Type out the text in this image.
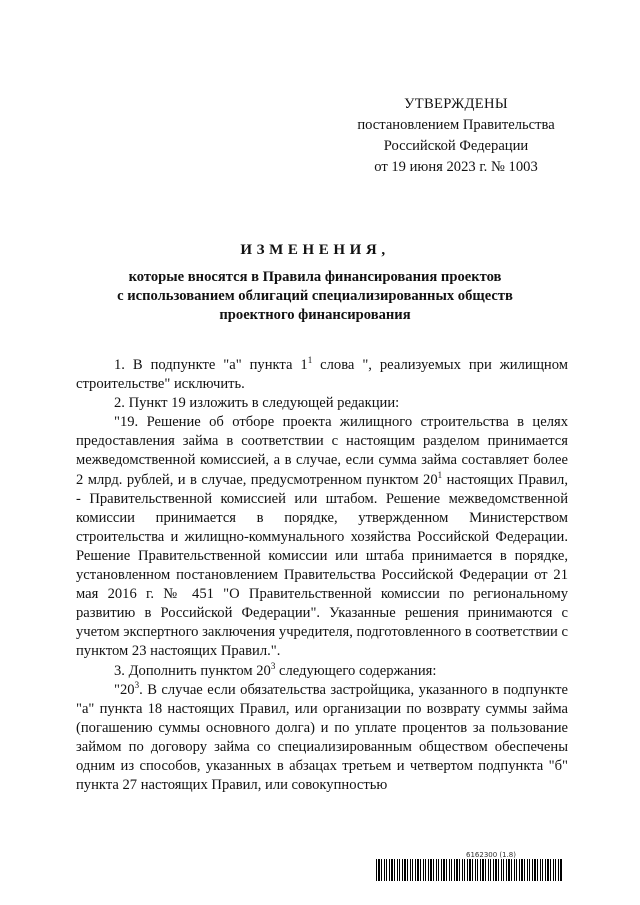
УТВЕРЖДЕНЫ
постановлением Правительства
Российской Федерации
от 19 июня 2023 г. № 1003
ИЗМЕНЕНИЯ,
которые вносятся в Правила финансирования проектов
с использованием облигаций специализированных обществ
проектного финансирования

1. В подпункте "а" пункта $1^1$ слова ", реализуемых при жилищном строительстве" исключить.

2. Пункт 19 изложить в следующей редакции:

"19. Решение об отборе проекта жилищного строительства в целях предоставления займа в соответствии с настоящим разделом принимается межведомственной комиссией, а в случае, если сумма займа составляет более 2 млрд. рублей, и в случае, предусмотренном пунктом $20^1$ настоящих Правил, - Правительственной комиссией или штабом. Решение межведомственной комиссии принимается в порядке, утвержденном Министерством строительства и жилищно-коммунального хозяйства Российской Федерации. Решение Правительственной комиссии или штаба принимается в порядке, установленном постановлением Правительства Российской Федерации от 21 мая 2016 г. № 451 "О Правительственной комиссии по региональному развитию в Российской Федерации". Указанные решения принимаются с учетом экспертного заключения учредителя, подготовленного в соответствии с пунктом 23 настоящих Правил.".

3. Дополнить пунктом $20^3$ следующего содержания:

"$20^3$. В случае если обязательства застройщика, указанного в подпункте "а" пункта 18 настоящих Правил, или организации по возврату суммы займа (погашению суммы основного долга) и по уплате процентов за пользование займом по договору займа со специализированным обществом обеспечены одним из способов, указанных в абзацах третьем и четвертом подпункта "б" пункта 27 настоящих Правил, или совокупностью

6162300 (1.8)
